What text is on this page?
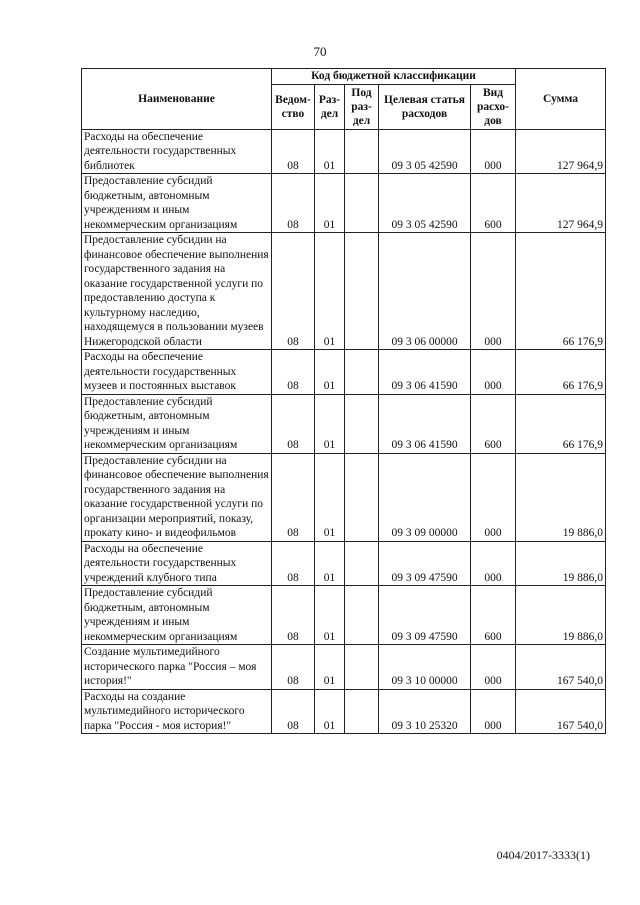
70
Наименование	Код бюджетной классификации					Сумма
	Ведом-ство	Раз-дел	Под раз-дел	Целевая статья расходов	Вид расхо-дов	
Расходы на обеспечение деятельности государственных библиотек	08	01		09 3 05 42590	000	127 964,9
Предоставление субсидий бюджетным, автономным учреждениям и иным некоммерческим организациям	08	01		09 3 05 42590	600	127 964,9
Предоставление субсидии на финансовое обеспечение выполнения государственного задания на оказание государственной услуги по предоставлению доступа к культурному наследию, находящемуся в пользовании музеев Нижегородской области	08	01		09 3 06 00000	000	66 176,9
Расходы на обеспечение деятельности государственных музеев и постоянных выставок	08	01		09 3 06 41590	000	66 176,9
Предоставление субсидий бюджетным, автономным учреждениям и иным некоммерческим организациям	08	01		09 3 06 41590	600	66 176,9
Предоставление субсидии на финансовое обеспечение выполнения государственного задания на оказание государственной услуги по организации мероприятий, показу, прокату кино- и видеофильмов	08	01		09 3 09 00000	000	19 886,0
Расходы на обеспечение деятельности государственных учреждений клубного типа	08	01		09 3 09 47590	000	19 886,0
Предоставление субсидий бюджетным, автономным учреждениям и иным некоммерческим организациям	08	01		09 3 09 47590	600	19 886,0
Создание мультимедийного исторического парка "Россия – моя история!"	08	01		09 3 10 00000	000	167 540,0
Расходы на создание мультимедийного исторического парка "Россия - моя история!"	08	01		09 3 10 25320	000	167 540,0
0404/2017-3333(1)
